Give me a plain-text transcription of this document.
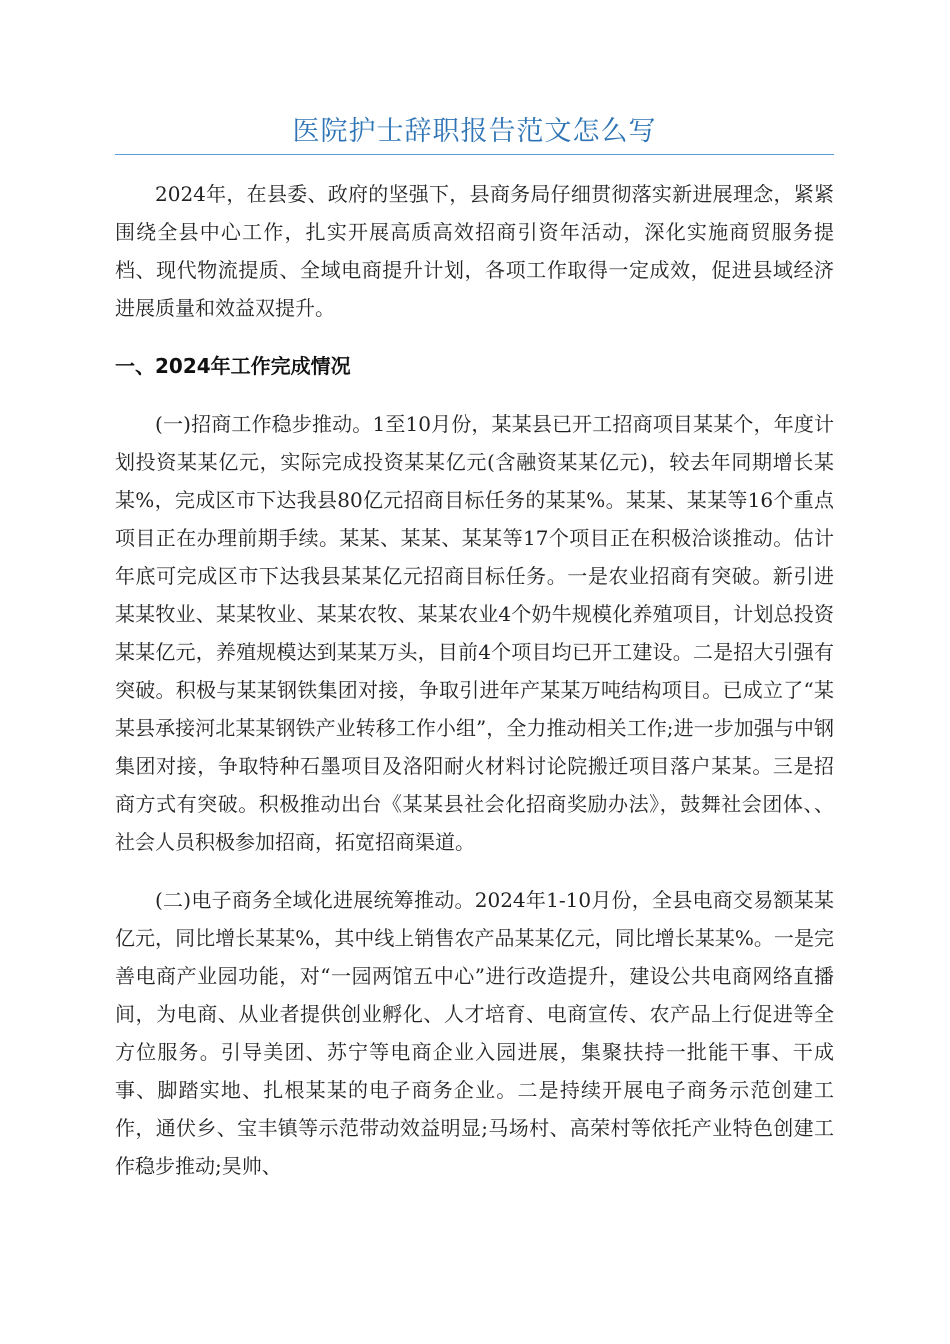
医院护士辞职报告范文怎么写

2024年，在县委、政府的坚强下，县商务局仔细贯彻落实新进展理念，紧紧围绕全县中心工作，扎实开展高质高效招商引资年活动，深化实施商贸服务提档、现代物流提质、全域电商提升计划，各项工作取得一定成效，促进县域经济进展质量和效益双提升。

一、2024年工作完成情况

(一)招商工作稳步推动。1至10月份，某某县已开工招商项目某某个，年度计划投资某某亿元，实际完成投资某某亿元(含融资某某亿元)，较去年同期增长某某%，完成区市下达我县80亿元招商目标任务的某某%。某某、某某等16个重点项目正在办理前期手续。某某、某某、某某等17个项目正在积极洽谈推动。估计年底可完成区市下达我县某某亿元招商目标任务。一是农业招商有突破。新引进某某牧业、某某牧业、某某农牧、某某农业4个奶牛规模化养殖项目，计划总投资某某亿元，养殖规模达到某某万头，目前4个项目均已开工建设。二是招大引强有突破。积极与某某钢铁集团对接，争取引进年产某某万吨结构项目。已成立了“某某县承接河北某某钢铁产业转移工作小组”，全力推动相关工作;进一步加强与中钢集团对接，争取特种石墨项目及洛阳耐火材料讨论院搬迁项目落户某某。三是招商方式有突破。积极推动出台《某某县社会化招商奖励办法》，鼓舞社会团体、、社会人员积极参加招商，拓宽招商渠道。

(二)电子商务全域化进展统筹推动。2024年1-10月份，全县电商交易额某某亿元，同比增长某某%，其中线上销售农产品某某亿元，同比增长某某%。一是完善电商产业园功能，对“一园两馆五中心”进行改造提升，建设公共电商网络直播间，为电商、从业者提供创业孵化、人才培育、电商宣传、农产品上行促进等全方位服务。引导美团、苏宁等电商企业入园进展，集聚扶持一批能干事、干成事、脚踏实地、扎根某某的电子商务企业。二是持续开展电子商务示范创建工作，通伏乡、宝丰镇等示范带动效益明显;马场村、高荣村等依托产业特色创建工作稳步推动;昊帅、
